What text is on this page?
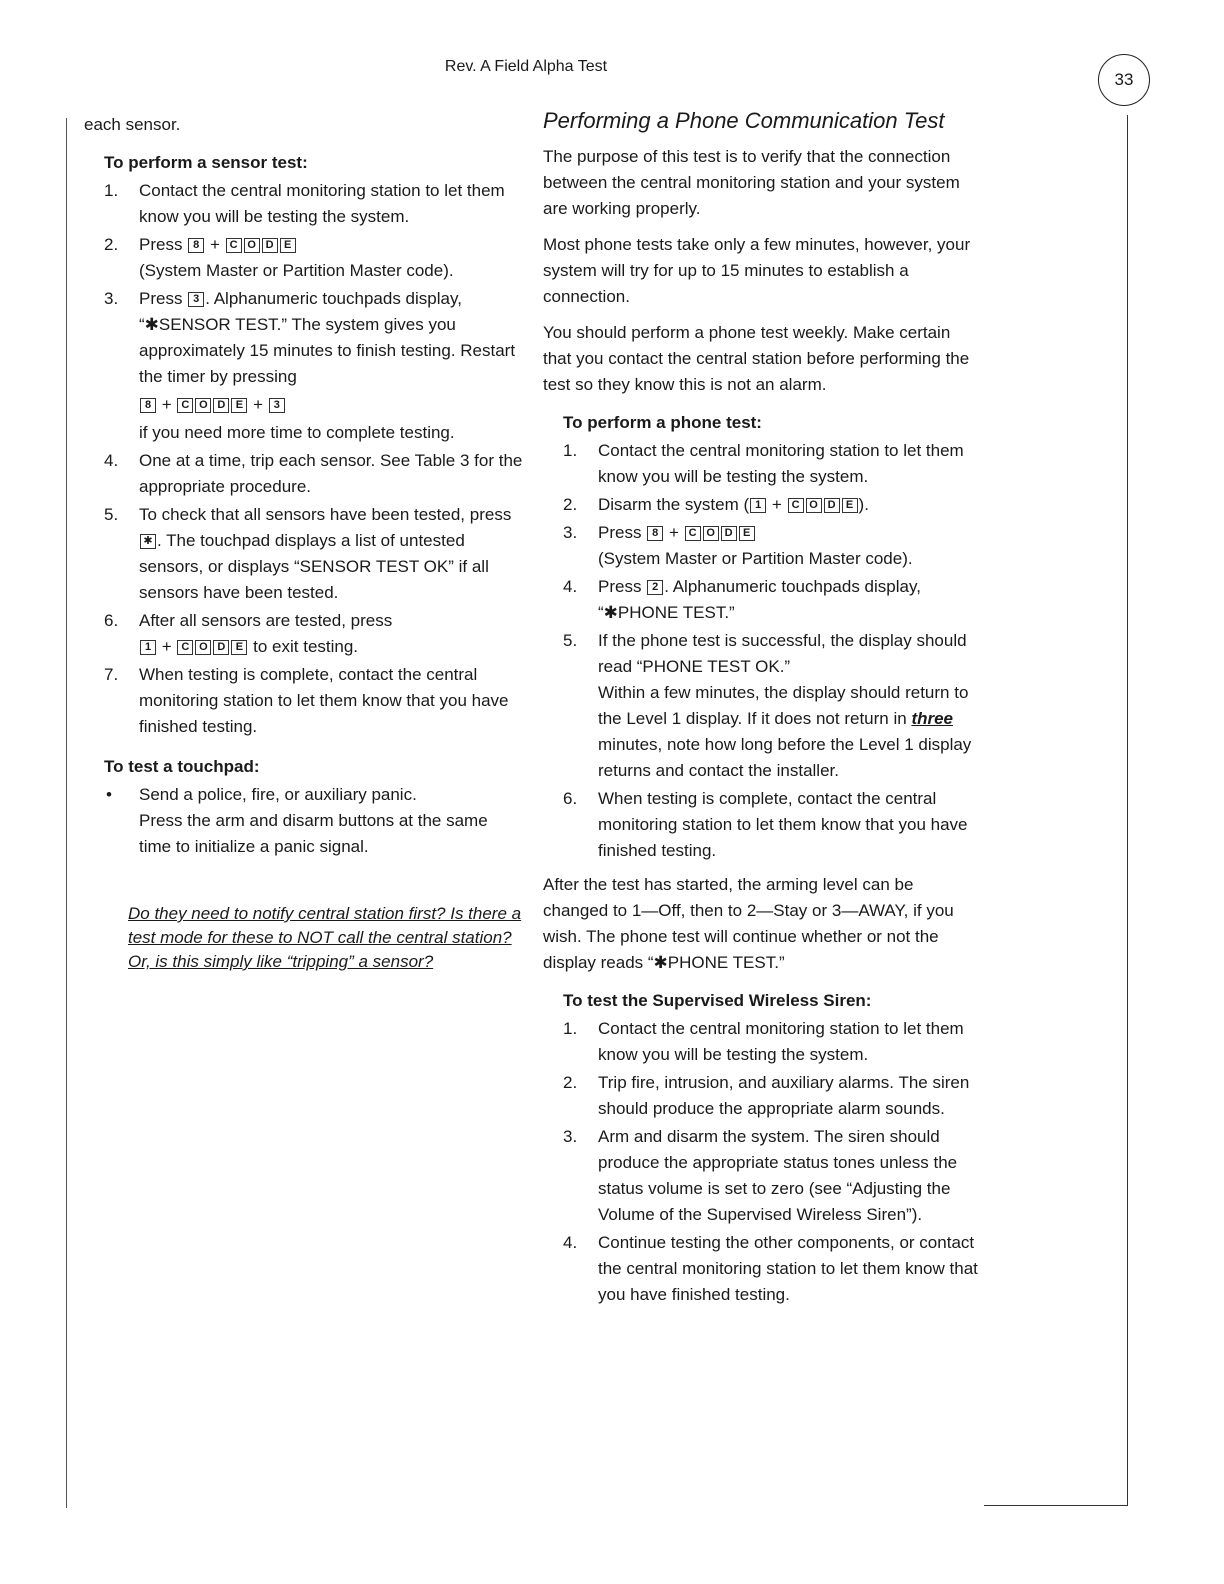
Rev. A Field Alpha Test
33
each sensor.
To perform a sensor test:
1. Contact the central monitoring station to let them know you will be testing the system.
2. Press 8 + C O D E
(System Master or Partition Master code).
3. Press 3 . Alphanumeric touchpads display, “✱SENSOR TEST.” The system gives you approximately 15 minutes to finish testing. Restart the timer by pressing
8 + C O D E + 3
if you need more time to complete testing.
4. One at a time, trip each sensor. See Table 3 for the appropriate procedure.
5. To check that all sensors have been tested, press ✱ . The touchpad displays a list of untested sensors, or displays “SENSOR TEST OK” if all sensors have been tested.
6. After all sensors are tested, press
1 + C O D E to exit testing.
7. When testing is complete, contact the central monitoring station to let them know that you have finished testing.
To test a touchpad:
• Send a police, fire, or auxiliary panic.
Press the arm and disarm buttons at the same time to initialize a panic signal.
Do they need to notify central station first? Is there a test mode for these to NOT call the central station? Or, is this simply like “tripping” a sensor?
Performing a Phone Communication Test

The purpose of this test is to verify that the connection between the central monitoring station and your system are working properly.

Most phone tests take only a few minutes, however, your system will try for up to 15 minutes to establish a connection.

You should perform a phone test weekly. Make certain that you contact the central station before performing the test so they know this is not an alarm.

To perform a phone test:
1. Contact the central monitoring station to let them know you will be testing the system.
2. Disarm the system ( 1 + C O D E ).
3. Press 8 + C O D E
(System Master or Partition Master code).
4. Press 2 . Alphanumeric touchpads display, “✱PHONE TEST.”
5. If the phone test is successful, the display should read “PHONE TEST OK.”
Within a few minutes, the display should return to the Level 1 display. If it does not return in three minutes, note how long before the Level 1 display returns and contact the installer.
6. When testing is complete, contact the central monitoring station to let them know that you have finished testing.

After the test has started, the arming level can be changed to 1—Off, then to 2—Stay or 3—AWAY, if you wish. The phone test will continue whether or not the display reads “✱PHONE TEST.”

To test the Supervised Wireless Siren:
1. Contact the central monitoring station to let them know you will be testing the system.
2. Trip fire, intrusion, and auxiliary alarms. The siren should produce the appropriate alarm sounds.
3. Arm and disarm the system. The siren should produce the appropriate status tones unless the status volume is set to zero (see “Adjusting the Volume of the Supervised Wireless Siren”).
4. Continue testing the other components, or contact the central monitoring station to let them know that you have finished testing.
